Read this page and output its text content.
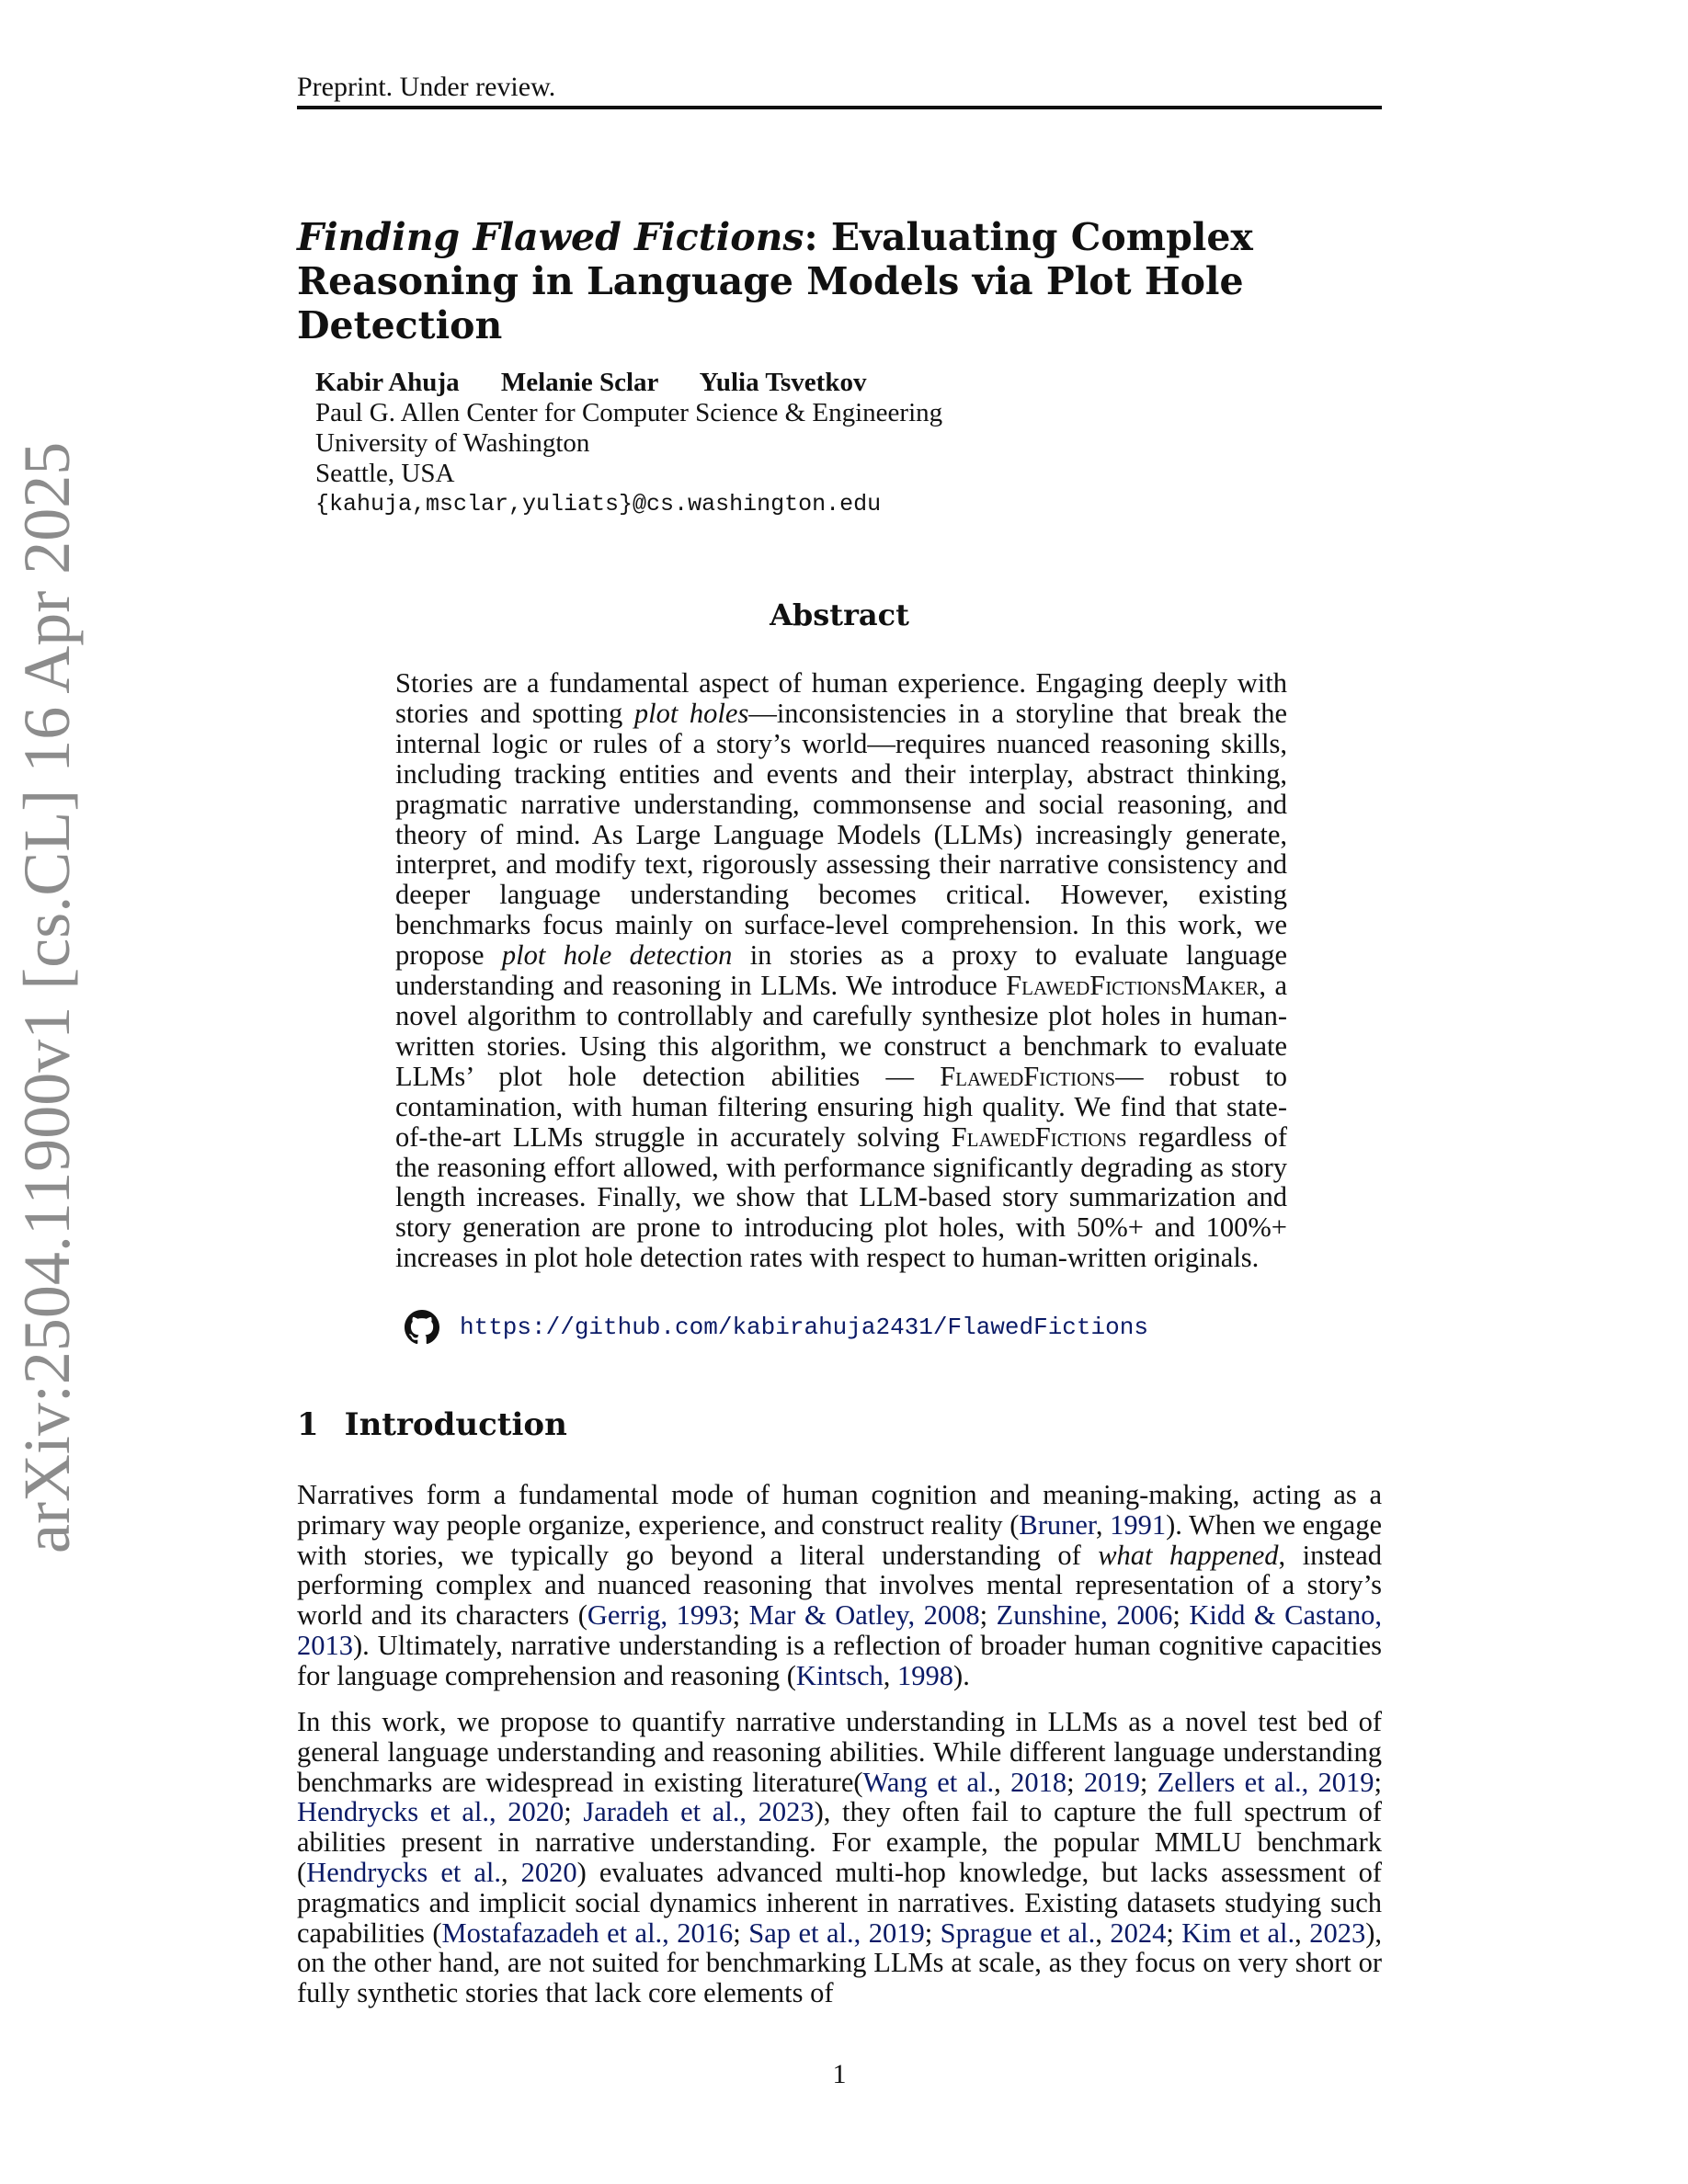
Preprint. Under review.
arXiv:2504.11900v1 [cs.CL] 16 Apr 2025
Finding Flawed Fictions: Evaluating Complex Reasoning in Language Models via Plot Hole Detection
Kabir Ahuja Melanie Sclar Yulia Tsvetkov
Paul G. Allen Center for Computer Science & Engineering
University of Washington
Seattle, USA
{kahuja,msclar,yuliats}@cs.washington.edu
Abstract
Stories are a fundamental aspect of human experience. Engaging deeply with stories and spotting plot holes—inconsistencies in a storyline that break the internal logic or rules of a story’s world—requires nuanced reasoning skills, including tracking entities and events and their interplay, abstract thinking, pragmatic narrative understanding, commonsense and social reasoning, and theory of mind. As Large Language Models (LLMs) increasingly generate, interpret, and modify text, rigorously assessing their narrative consistency and deeper language understanding becomes critical. However, existing benchmarks focus mainly on surface-level comprehension. In this work, we propose plot hole detection in stories as a proxy to evaluate language understanding and reasoning in LLMs. We introduce FlawedFictionsMaker, a novel algorithm to controllably and carefully synthesize plot holes in human-written stories. Using this algorithm, we construct a benchmark to evaluate LLMs’ plot hole detection abilities — FlawedFictions— robust to contamination, with human filtering ensuring high quality. We find that state-of-the-art LLMs struggle in accurately solving FlawedFictions regardless of the reasoning effort allowed, with performance significantly degrading as story length increases. Finally, we show that LLM-based story summarization and story generation are prone to introducing plot holes, with 50%+ and 100%+ increases in plot hole detection rates with respect to human-written originals.
https://github.com/kabirahuja2431/FlawedFictions
1 Introduction
Narratives form a fundamental mode of human cognition and meaning-making, acting as a primary way people organize, experience, and construct reality (Bruner, 1991). When we engage with stories, we typically go beyond a literal understanding of what happened, instead performing complex and nuanced reasoning that involves mental representation of a story’s world and its characters (Gerrig, 1993; Mar & Oatley, 2008; Zunshine, 2006; Kidd & Castano, 2013). Ultimately, narrative understanding is a reflection of broader human cognitive capacities for language comprehension and reasoning (Kintsch, 1998).
In this work, we propose to quantify narrative understanding in LLMs as a novel test bed of general language understanding and reasoning abilities. While different language understanding benchmarks are widespread in existing literature(Wang et al., 2018; 2019; Zellers et al., 2019; Hendrycks et al., 2020; Jaradeh et al., 2023), they often fail to capture the full spectrum of abilities present in narrative understanding. For example, the popular MMLU benchmark (Hendrycks et al., 2020) evaluates advanced multi-hop knowledge, but lacks assessment of pragmatics and implicit social dynamics inherent in narratives. Existing datasets studying such capabilities (Mostafazadeh et al., 2016; Sap et al., 2019; Sprague et al., 2024; Kim et al., 2023), on the other hand, are not suited for benchmarking LLMs at scale, as they focus on very short or fully synthetic stories that lack core elements of
1
